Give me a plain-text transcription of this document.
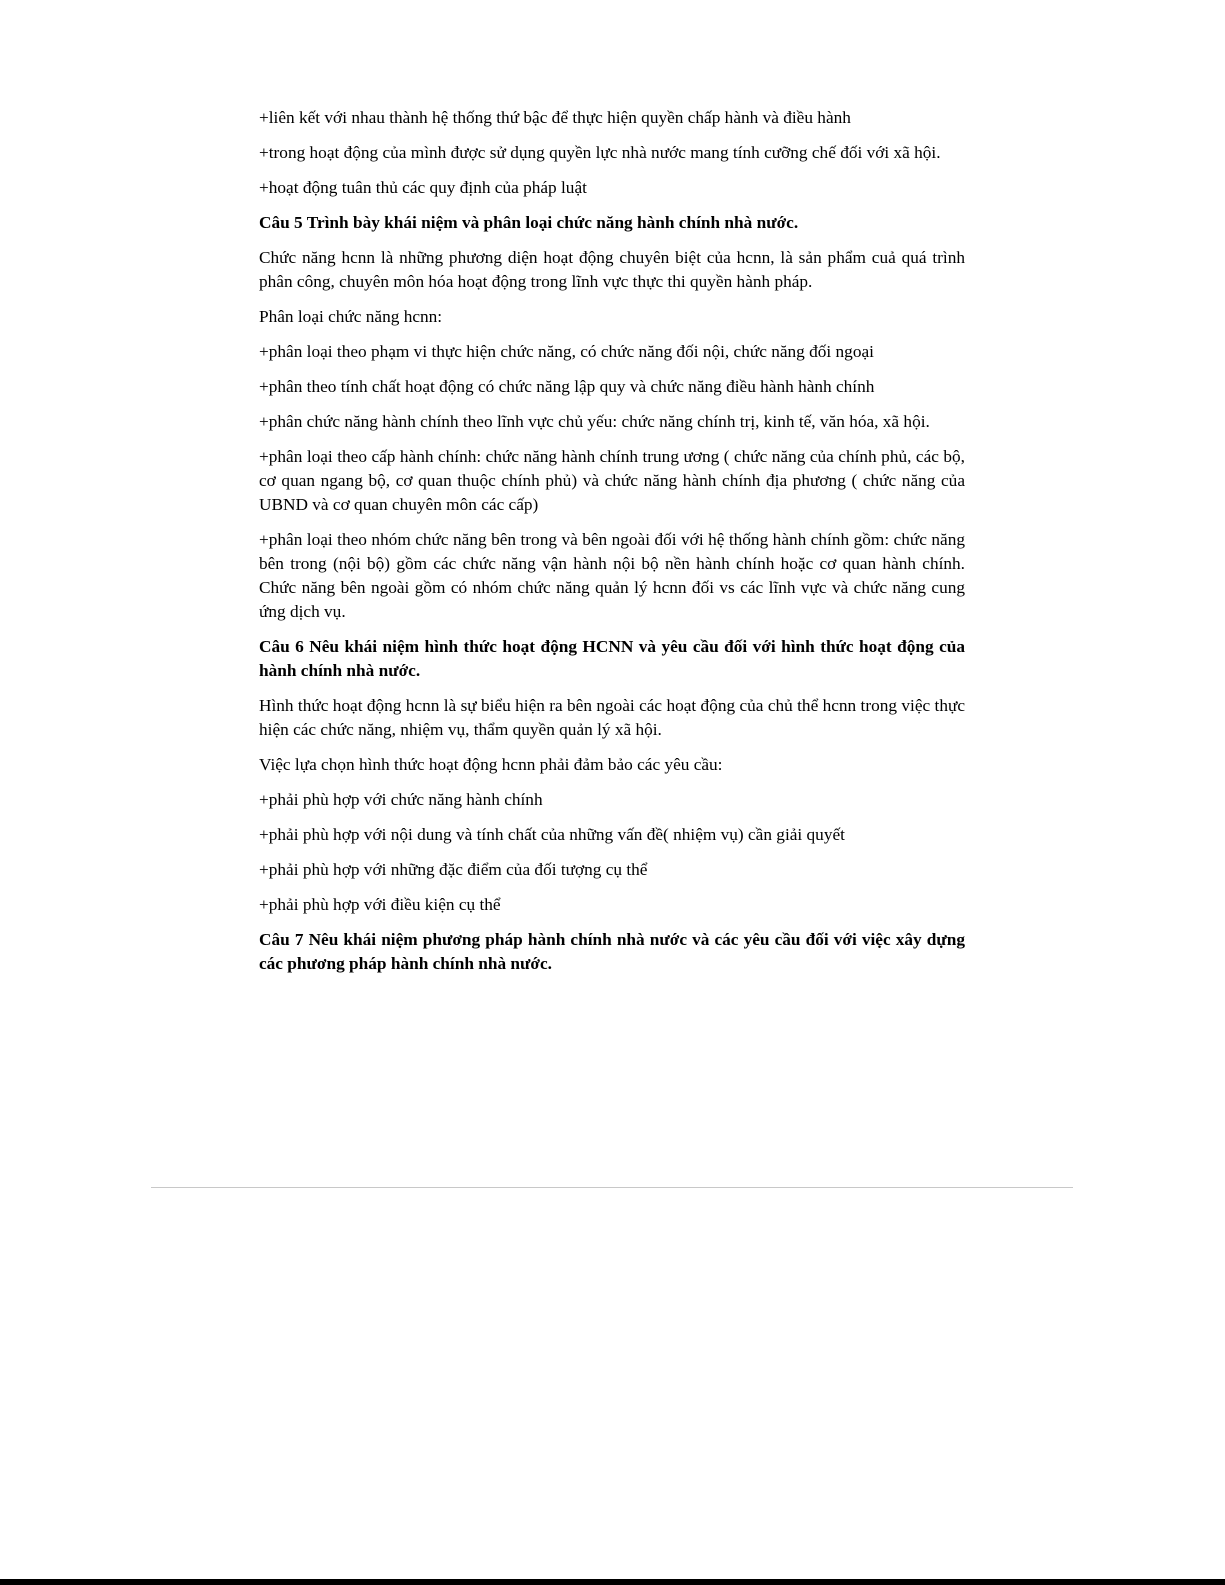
+liên kết với nhau thành hệ thống thứ bậc để thực hiện quyền chấp hành và điều hành

+trong hoạt động của mình được sử dụng quyền lực nhà nước mang tính cưỡng chế đối với xã hội.

+hoạt động tuân thủ các quy định của pháp luật

Câu 5 Trình bày khái niệm và phân loại chức năng hành chính nhà nước.

Chức năng hcnn là những phương diện hoạt động chuyên biệt của hcnn, là sản phẩm cuả quá trình phân công, chuyên môn hóa hoạt động trong lĩnh vực thực thi quyền hành pháp.

Phân loại chức năng hcnn:

+phân loại theo phạm vi thực hiện chức năng, có chức năng đối nội, chức năng đối ngoại

+phân theo tính chất hoạt động có chức năng lập quy và chức năng điều hành hành chính

+phân chức năng hành chính theo lĩnh vực chủ yếu: chức năng chính trị, kinh tế, văn hóa, xã hội.

+phân loại theo cấp hành chính: chức năng hành chính trung ương ( chức năng của chính phủ, các bộ, cơ quan ngang bộ, cơ quan thuộc chính phủ) và chức năng hành chính địa phương ( chức năng của UBND và cơ quan chuyên môn các cấp)

+phân loại theo nhóm chức năng bên trong và bên ngoài đối với hệ thống hành chính gồm: chức năng bên trong (nội bộ) gồm các chức năng vận hành nội bộ nền hành chính hoặc cơ quan hành chính. Chức năng bên ngoài gồm có nhóm chức năng quản lý hcnn đối vs các lĩnh vực và chức năng cung ứng dịch vụ.

Câu 6 Nêu khái niệm hình thức hoạt động HCNN và yêu cầu đối với hình thức hoạt động của hành chính nhà nước.

Hình thức hoạt động hcnn là sự biểu hiện ra bên ngoài các hoạt động của chủ thể hcnn trong việc thực hiện các chức năng, nhiệm vụ, thẩm quyền quản lý xã hội.

Việc lựa chọn hình thức hoạt động hcnn phải đảm bảo các yêu cầu:

+phải phù hợp với chức năng hành chính

+phải phù hợp với nội dung và tính chất của những vấn đề( nhiệm vụ) cần giải quyết

+phải phù hợp với những đặc điểm của đối tượng cụ thể

+phải phù hợp với điều kiện cụ thể

Câu 7 Nêu khái niệm phương pháp hành chính nhà nước và các yêu cầu đối với việc xây dựng các phương pháp hành chính nhà nước.
